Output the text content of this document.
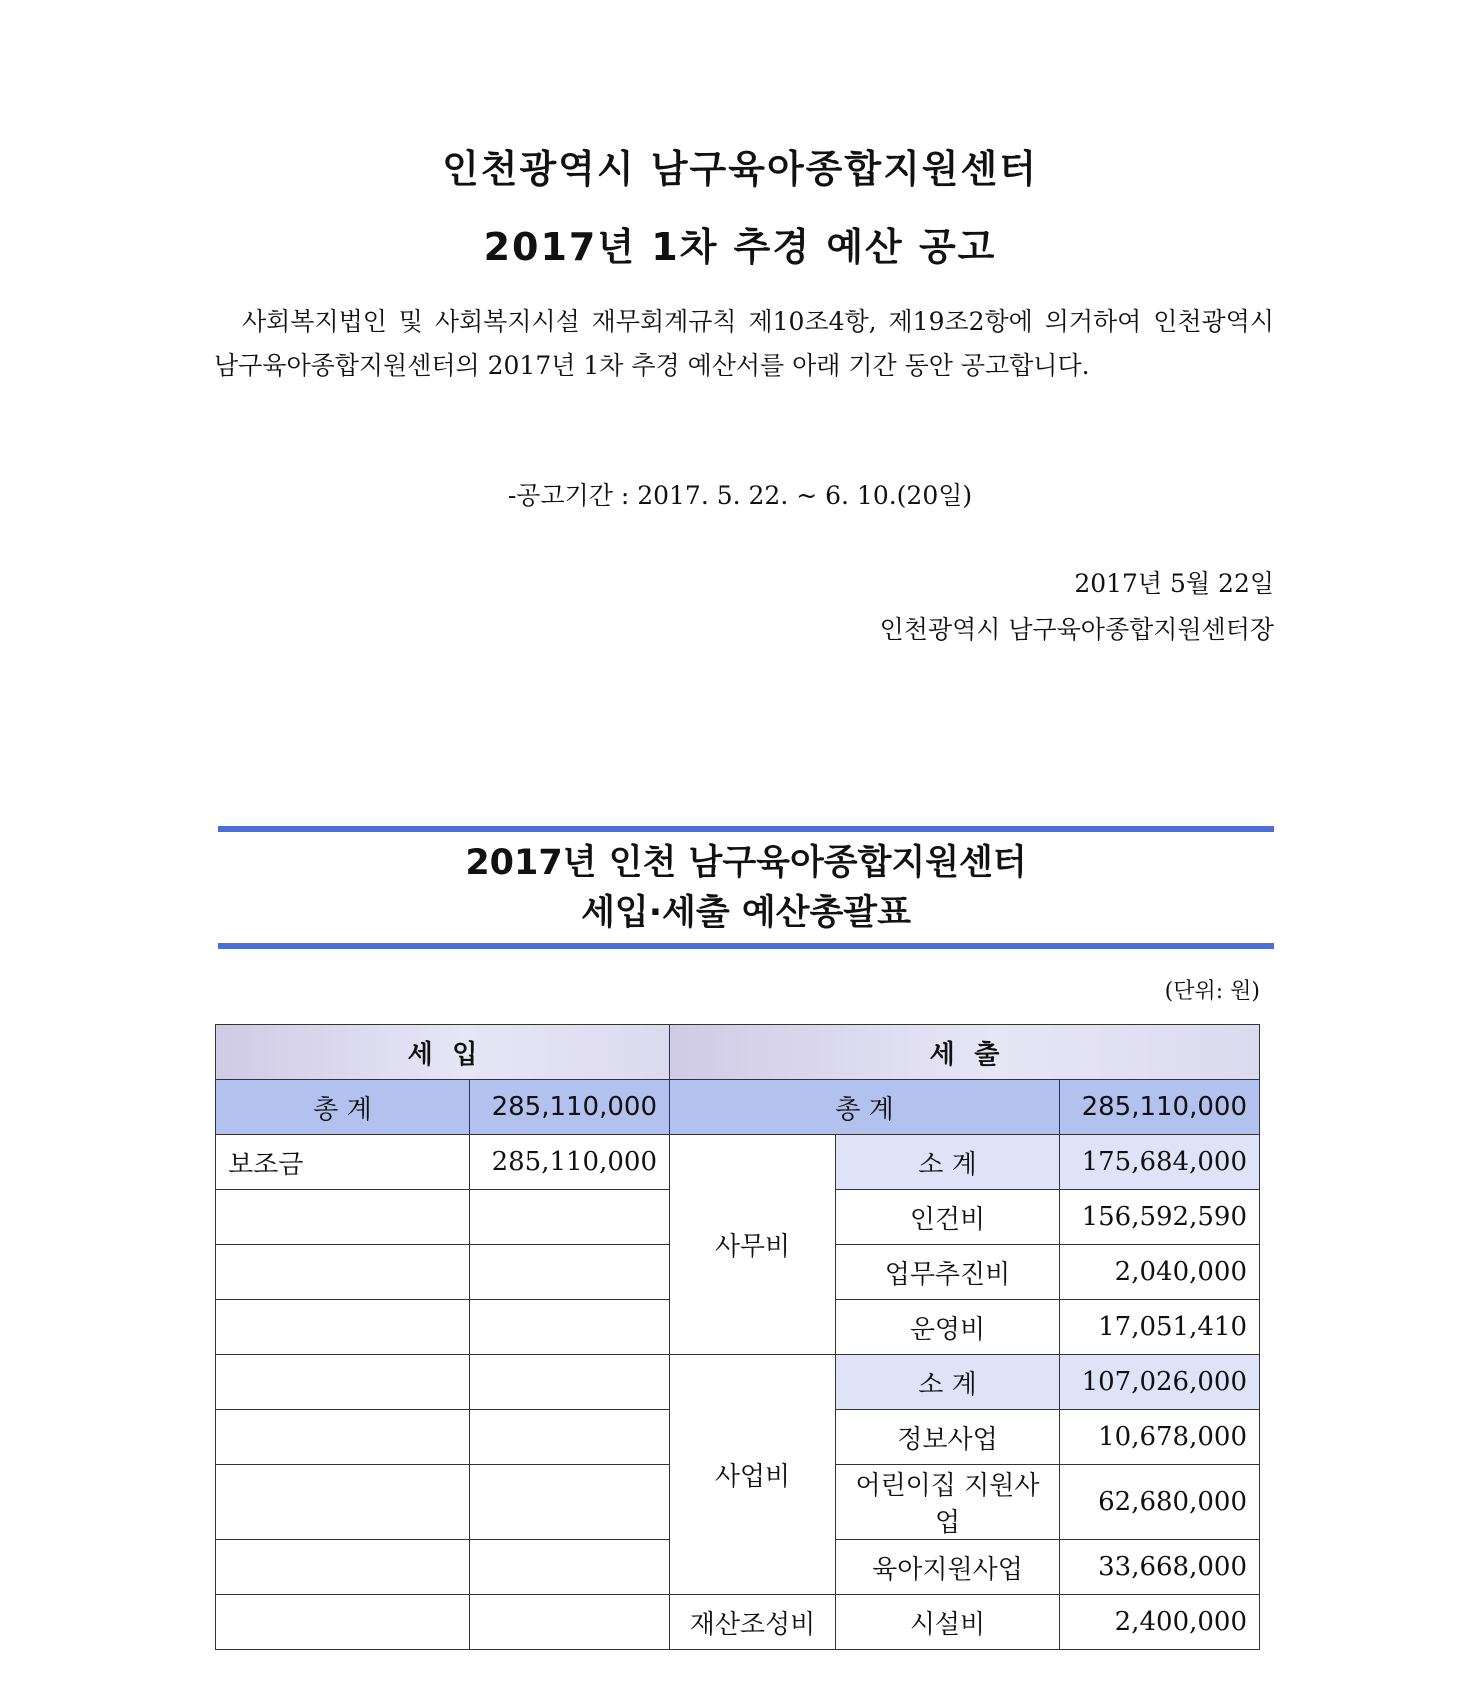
인천광역시 남구육아종합지원센터
2017년 1차 추경 예산 공고
사회복지법인 및 사회복지시설 재무회계규칙 제10조4항, 제19조2항에 의거하여 인천광역시 남구육아종합지원센터의 2017년 1차 추경 예산서를 아래 기간 동안 공고합니다.
-공고기간 : 2017. 5. 22. ~ 6. 10.(20일)
2017년 5월 22일
인천광역시 남구육아종합지원센터장
2017년 인천 남구육아종합지원센터
세입·세출 예산총괄표
(단위: 원)
세 입		세 출		
총 계	285,110,000	총 계		285,110,000
보조금	285,110,000	사무비	소 계	175,684,000
			인건비	156,592,590
			업무추진비	2,040,000
			운영비	17,051,410
		사업비	소 계	107,026,000
			정보사업	10,678,000
			어린이집 지원사업	62,680,000
			육아지원사업	33,668,000
		재산조성비	시설비	2,400,000
